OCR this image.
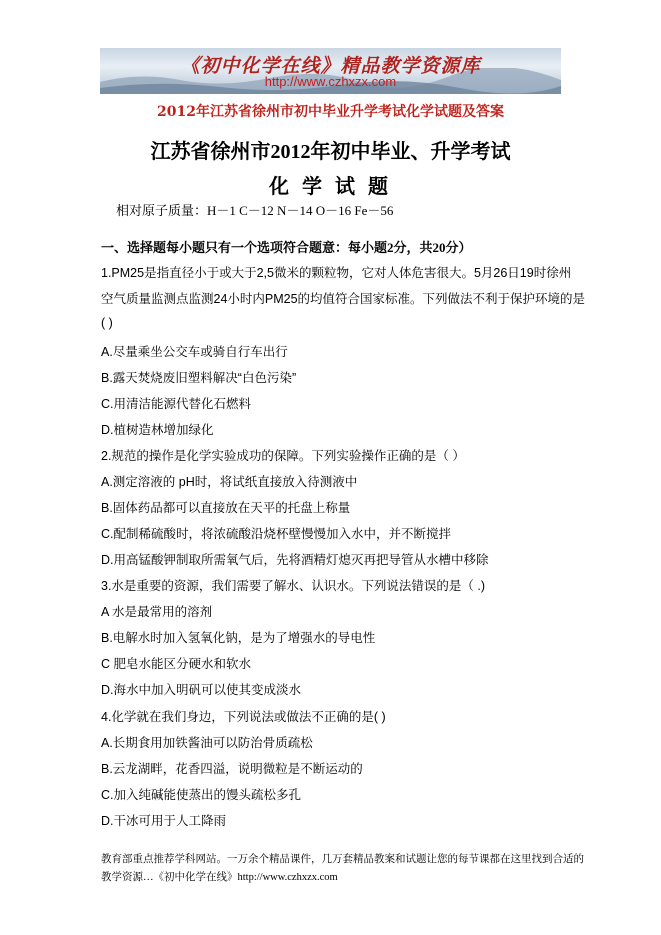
《初中化学在线》精品教学资源库
http://www.czhxzx.com
2012年江苏省徐州市初中毕业升学考试化学试题及答案
江苏省徐州市2012年初中毕业、升学考试
化 学 试 题
相对原子质量：H－1 C－12 N－14 O－16 Fe－56
一、选择题每小题只有一个选项符合题意：每小题2分，共20分）
1.PM25是指直径小于或大于2,5微米的颗粒物，它对人体危害很大。5月26日19时徐州
空气质量监测点监测24小时内PM25的均值符合国家标准。下列做法不利于保护环境的是
( )
A.尽量乘坐公交车或骑自行车出行
B.露天焚烧废旧塑料解决“白色污染”
C.用清洁能源代替化石燃料
D.植树造林增加绿化
2.规范的操作是化学实验成功的保障。下列实验操作正确的是（ ）
A.测定溶液的 pH时，将试纸直接放入待测液中
B.固体药品都可以直接放在天平的托盘上称量
C.配制稀硫酸时，将浓硫酸沿烧杯壁慢慢加入水中，并不断搅拌
D.用高锰酸钾制取所需氧气后，先将酒精灯熄灭再把导管从水槽中移除
3.水是重要的资源，我们需要了解水、认识水。下列说法错误的是（ .)
A 水是最常用的溶剂
B.电解水时加入氢氧化钠，是为了增强水的导电性
C 肥皂水能区分硬水和软水
D.海水中加入明矾可以使其变成淡水
4.化学就在我们身边，下列说法或做法不正确的是( )
A.长期食用加铁酱油可以防治骨质疏松
B.云龙湖畔，花香四溢，说明微粒是不断运动的
C.加入纯碱能使蒸出的馒头疏松多孔
D.干冰可用于人工降雨
教育部重点推荐学科网站。一万余个精品课件，几万套精品教案和试题让您的每节课都在这里找到合适的
教学资源…《初中化学在线》http://www.czhxzx.com
